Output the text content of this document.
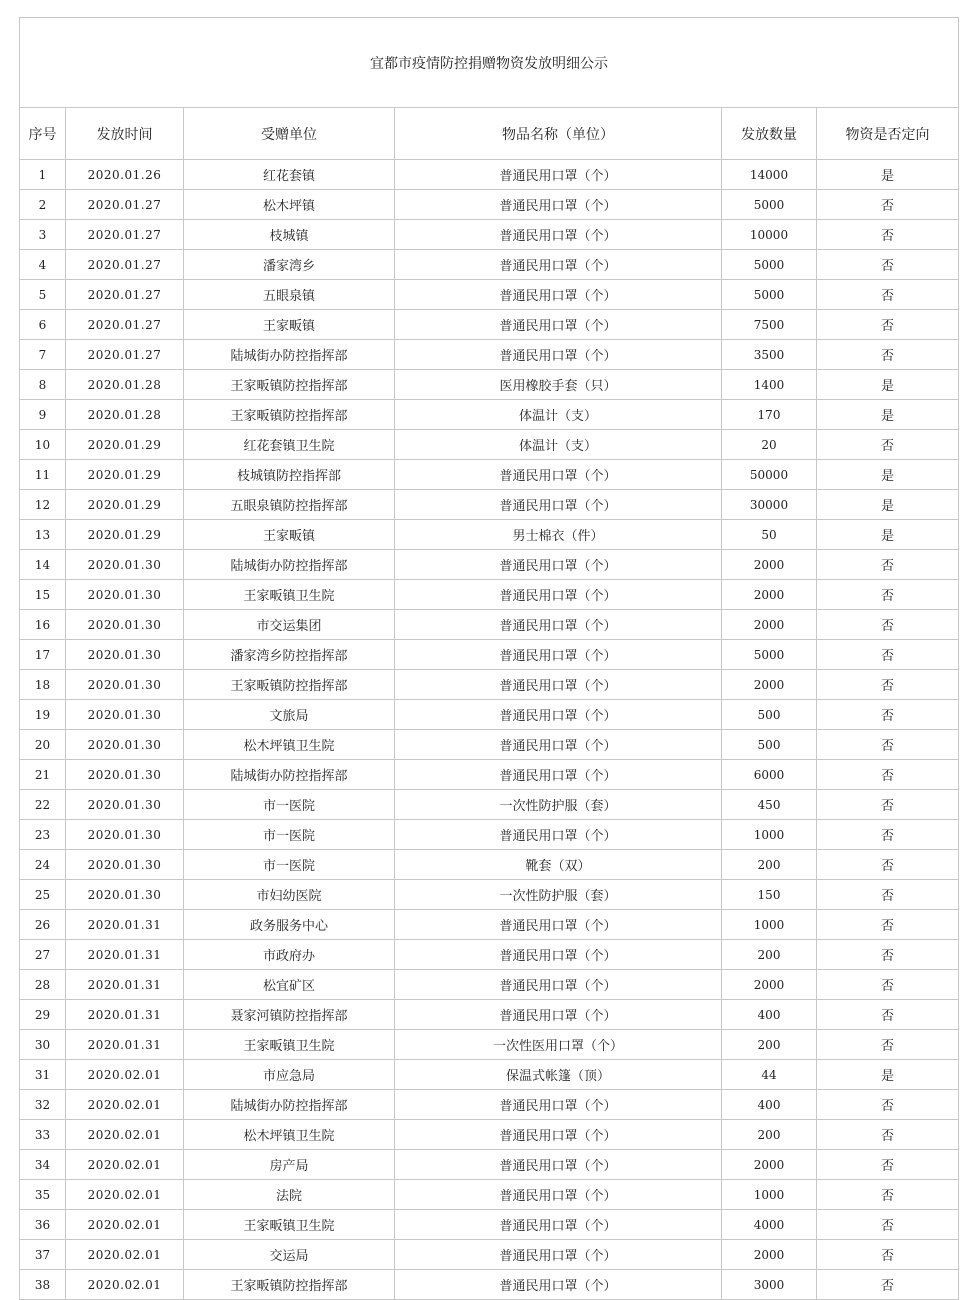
宜都市疫情防控捐赠物资发放明细公示					
序号	发放时间	受赠单位	物品名称（单位）	发放数量	物资是否定向
1	2020.01.26	红花套镇	普通民用口罩（个）	14000	是
2	2020.01.27	松木坪镇	普通民用口罩（个）	5000	否
3	2020.01.27	枝城镇	普通民用口罩（个）	10000	否
4	2020.01.27	潘家湾乡	普通民用口罩（个）	5000	否
5	2020.01.27	五眼泉镇	普通民用口罩（个）	5000	否
6	2020.01.27	王家畈镇	普通民用口罩（个）	7500	否
7	2020.01.27	陆城街办防控指挥部	普通民用口罩（个）	3500	否
8	2020.01.28	王家畈镇防控指挥部	医用橡胶手套（只）	1400	是
9	2020.01.28	王家畈镇防控指挥部	体温计（支）	170	是
10	2020.01.29	红花套镇卫生院	体温计（支）	20	否
11	2020.01.29	枝城镇防控指挥部	普通民用口罩（个）	50000	是
12	2020.01.29	五眼泉镇防控指挥部	普通民用口罩（个）	30000	是
13	2020.01.29	王家畈镇	男士棉衣（件）	50	是
14	2020.01.30	陆城街办防控指挥部	普通民用口罩（个）	2000	否
15	2020.01.30	王家畈镇卫生院	普通民用口罩（个）	2000	否
16	2020.01.30	市交运集团	普通民用口罩（个）	2000	否
17	2020.01.30	潘家湾乡防控指挥部	普通民用口罩（个）	5000	否
18	2020.01.30	王家畈镇防控指挥部	普通民用口罩（个）	2000	否
19	2020.01.30	文旅局	普通民用口罩（个）	500	否
20	2020.01.30	松木坪镇卫生院	普通民用口罩（个）	500	否
21	2020.01.30	陆城街办防控指挥部	普通民用口罩（个）	6000	否
22	2020.01.30	市一医院	一次性防护服（套）	450	否
23	2020.01.30	市一医院	普通民用口罩（个）	1000	否
24	2020.01.30	市一医院	靴套（双）	200	否
25	2020.01.30	市妇幼医院	一次性防护服（套）	150	否
26	2020.01.31	政务服务中心	普通民用口罩（个）	1000	否
27	2020.01.31	市政府办	普通民用口罩（个）	200	否
28	2020.01.31	松宜矿区	普通民用口罩（个）	2000	否
29	2020.01.31	聂家河镇防控指挥部	普通民用口罩（个）	400	否
30	2020.01.31	王家畈镇卫生院	一次性医用口罩（个）	200	否
31	2020.02.01	市应急局	保温式帐篷（顶）	44	是
32	2020.02.01	陆城街办防控指挥部	普通民用口罩（个）	400	否
33	2020.02.01	松木坪镇卫生院	普通民用口罩（个）	200	否
34	2020.02.01	房产局	普通民用口罩（个）	2000	否
35	2020.02.01	法院	普通民用口罩（个）	1000	否
36	2020.02.01	王家畈镇卫生院	普通民用口罩（个）	4000	否
37	2020.02.01	交运局	普通民用口罩（个）	2000	否
38	2020.02.01	王家畈镇防控指挥部	普通民用口罩（个）	3000	否
